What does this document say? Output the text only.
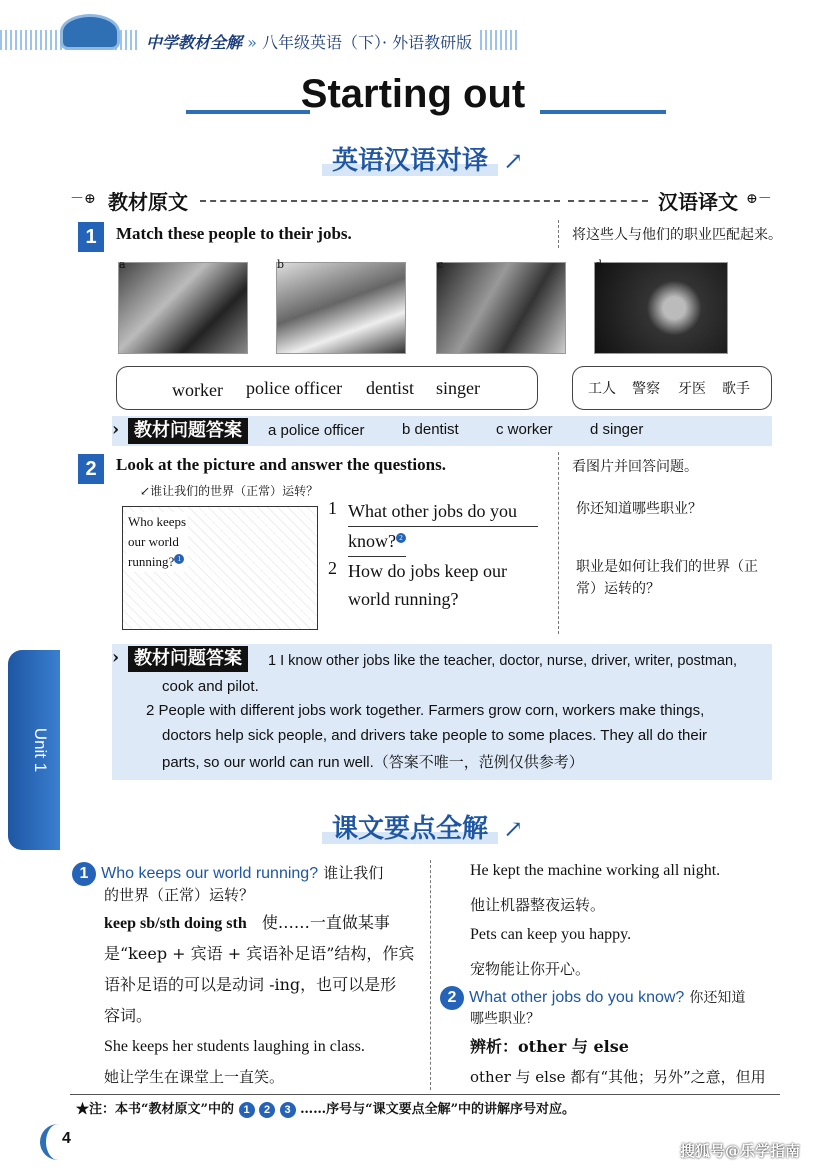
中学教材全解 » 八年级英语（下）· 外语教研版
Starting out
英语汉语对译 ↗
－⊕ 教材原文	汉语译文 ⊕－
1	Match these people to their jobs.	将这些人与他们的职业匹配起来。
a	b	c	d
worker police officer dentist singer	工人 警察 牙医 歌手
› 教材问题答案	a police officer	b dentist c worker d singer
2	Look at the picture and answer the questions.	看图片并回答问题。
↙谁让我们的世界（正常）运转？
Who keeps
our world
running? 1
1 What other jobs do you
know? 2
2 How do jobs keep our
world running?
你还知道哪些职业？
职业是如何让我们的世界（正
常）运转的？
› 教材问题答案	1 I know other jobs like the teacher, doctor, nurse, driver, writer, postman,
cook and pilot.
2 People with different jobs work together. Farmers grow corn, workers make things,
doctors help sick people, and drivers take people to some places. They all do their
parts, so our world can run well.（答案不唯一，范例仅供参考）
Unit 1
课文要点全解 ↗
1 Who keeps our world running? 谁让我们
的世界（正常）运转？
keep sb/sth doing sth 使……一直做某事
是“keep + 宾语 + 宾语补足语”结构，作宾
语补足语的可以是动词 -ing，也可以是形
容词。
She keeps her students laughing in class.
她让学生在课堂上一直笑。
He kept the machine working all night.
他让机器整夜运转。
Pets can keep you happy.
宠物能让你开心。
2 What other jobs do you know? 你还知道
哪些职业？
辨析：other 与 else
other 与 else 都有“其他；另外”之意，但用
★注：本书“教材原文”中的 1 2 3 ……序号与“课文要点全解”中的讲解序号对应。
4
搜狐号@乐学指南
